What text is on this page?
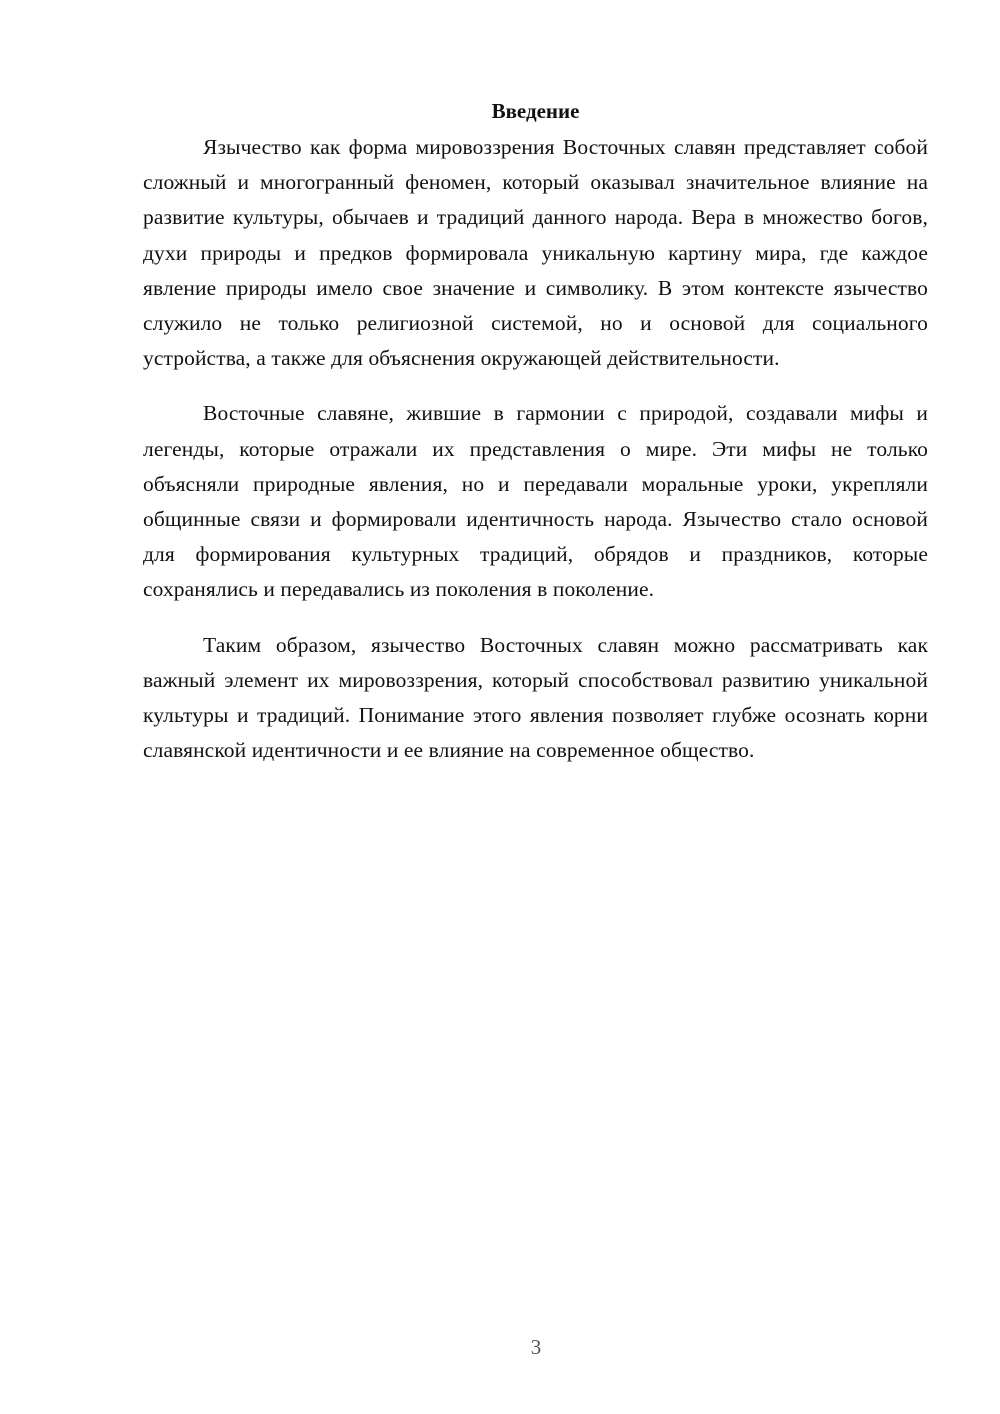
Введение

Язычество как форма мировоззрения Восточных славян представляет собой сложный и многогранный феномен, который оказывал значительное влияние на развитие культуры, обычаев и традиций данного народа. Вера в множество богов, духи природы и предков формировала уникальную картину мира, где каждое явление природы имело свое значение и символику. В этом контексте язычество служило не только религиозной системой, но и основой для социального устройства, а также для объяснения окружающей действительности.

Восточные славяне, жившие в гармонии с природой, создавали мифы и легенды, которые отражали их представления о мире. Эти мифы не только объясняли природные явления, но и передавали моральные уроки, укрепляли общинные связи и формировали идентичность народа. Язычество стало основой для формирования культурных традиций, обрядов и праздников, которые сохранялись и передавались из поколения в поколение.

Таким образом, язычество Восточных славян можно рассматривать как важный элемент их мировоззрения, который способствовал развитию уникальной культуры и традиций. Понимание этого явления позволяет глубже осознать корни славянской идентичности и ее влияние на современное общество.

3
